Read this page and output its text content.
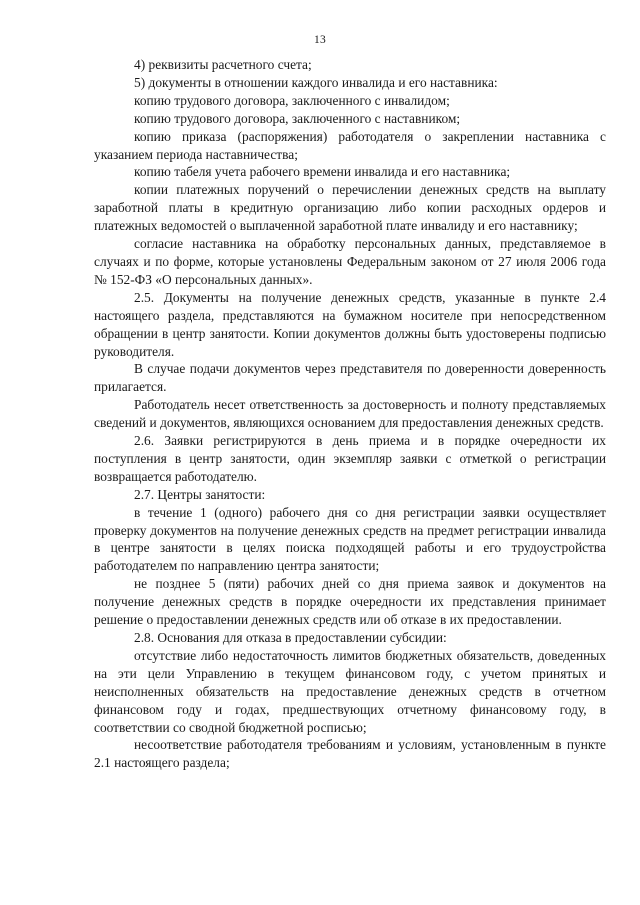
13

4) реквизиты расчетного счета;

5) документы в отношении каждого инвалида и его наставника:

копию трудового договора, заключенного с инвалидом;

копию трудового договора, заключенного с наставником;

копию приказа (распоряжения) работодателя о закреплении наставника с указанием периода наставничества;

копию табеля учета рабочего времени инвалида и его наставника;

копии платежных поручений о перечислении денежных средств на выплату заработной платы в кредитную организацию либо копии расходных ордеров и платежных ведомостей о выплаченной заработной плате инвалиду и его наставнику;

согласие наставника на обработку персональных данных, представляемое в случаях и по форме, которые установлены Федеральным законом от 27 июля 2006 года № 152-ФЗ «О персональных данных».

2.5. Документы на получение денежных средств, указанные в пункте 2.4 настоящего раздела, представляются на бумажном носителе при непосредственном обращении в центр занятости. Копии документов должны быть удостоверены подписью руководителя.

В случае подачи документов через представителя по доверенности доверенность прилагается.

Работодатель несет ответственность за достоверность и полноту представляемых сведений и документов, являющихся основанием для предоставления денежных средств.

2.6. Заявки регистрируются в день приема и в порядке очередности их поступления в центр занятости, один экземпляр заявки с отметкой о регистрации возвращается работодателю.

2.7. Центры занятости:

в течение 1 (одного) рабочего дня со дня регистрации заявки осуществляет проверку документов на получение денежных средств на предмет регистрации инвалида в центре занятости в целях поиска подходящей работы и его трудоустройства работодателем по направлению центра занятости;

не позднее 5 (пяти) рабочих дней со дня приема заявок и документов на получение денежных средств в порядке очередности их представления принимает решение о предоставлении денежных средств или об отказе в их предоставлении.

2.8. Основания для отказа в предоставлении субсидии:

отсутствие либо недостаточность лимитов бюджетных обязательств, доведенных на эти цели Управлению в текущем финансовом году, с учетом принятых и неисполненных обязательств на предоставление денежных средств в отчетном финансовом году и годах, предшествующих отчетному финансовому году, в соответствии со сводной бюджетной росписью;

несоответствие работодателя требованиям и условиям, установленным в пункте 2.1 настоящего раздела;
